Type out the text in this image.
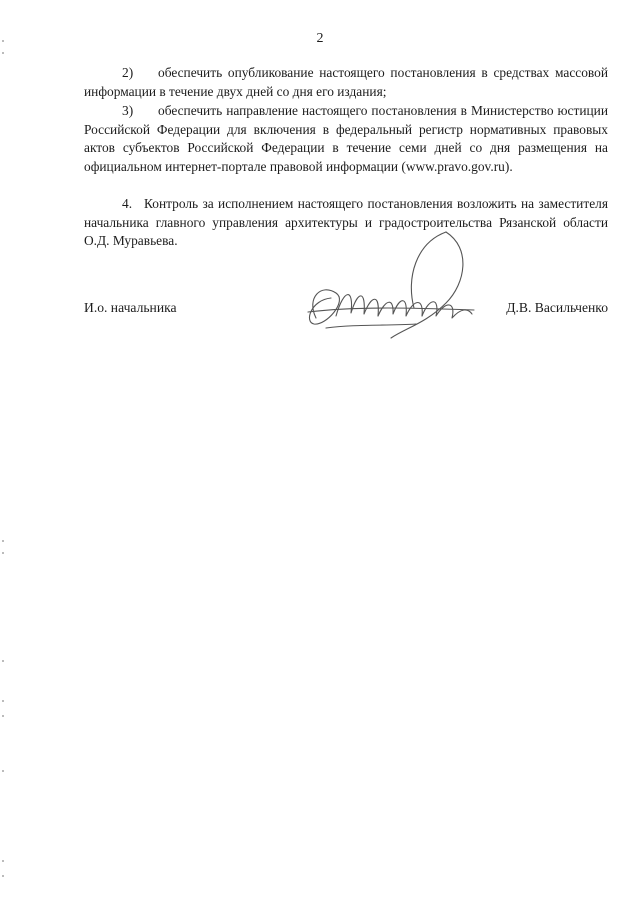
2
2) обеспечить опубликование настоящего постановления в средствах массовой информации в течение двух дней со дня его издания;
3) обеспечить направление настоящего постановления в Министерство юстиции Российской Федерации для включения в федеральный регистр нормативных правовых актов субъектов Российской Федерации в течение семи дней со дня размещения на официальном интернет-портале правовой информации (www.pravo.gov.ru).
4. Контроль за исполнением настоящего постановления возложить на заместителя начальника главного управления архитектуры и градостроительства Рязанской области О.Д. Муравьева.
И.о. начальника	Д.В. Васильченко
